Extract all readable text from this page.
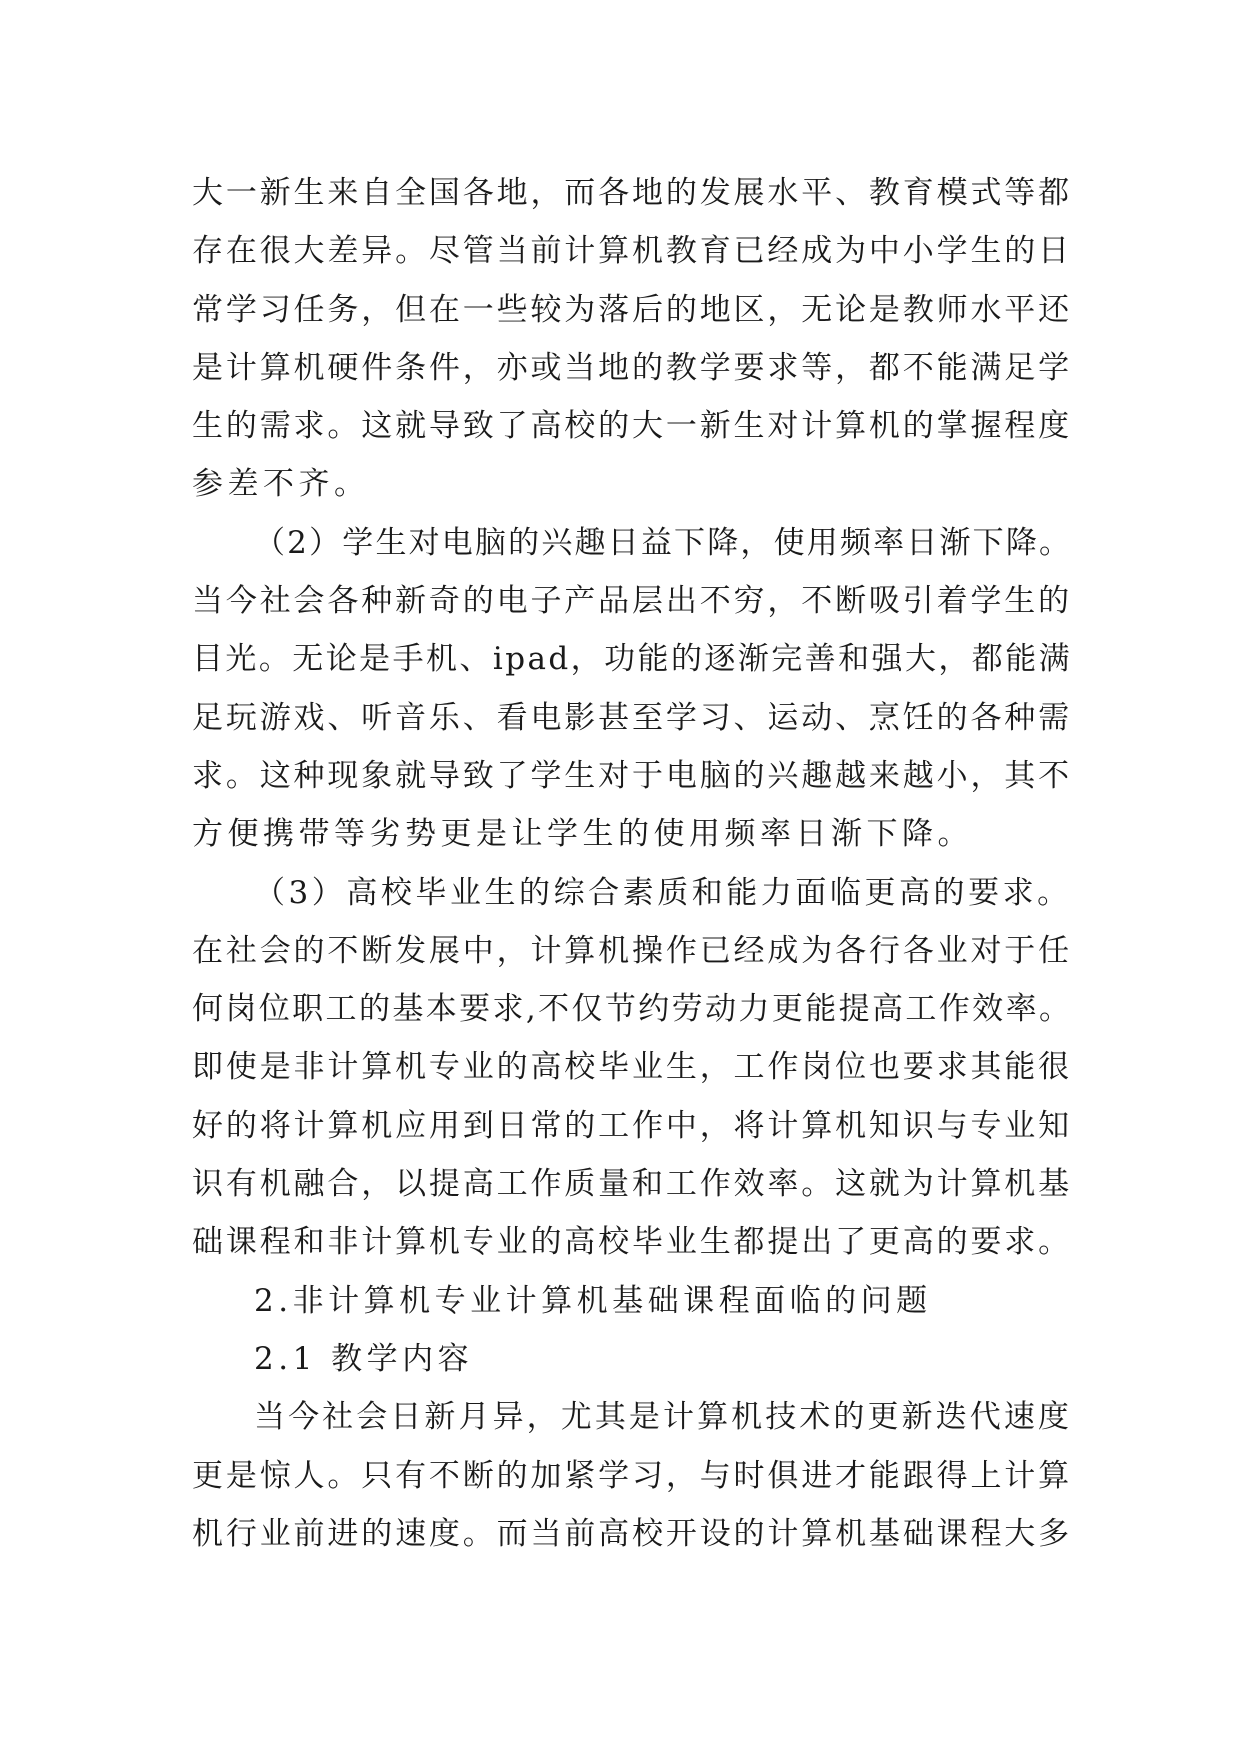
大一新生来自全国各地，而各地的发展水平、教育模式等都
存在很大差异。尽管当前计算机教育已经成为中小学生的日
常学习任务，但在一些较为落后的地区，无论是教师水平还
是计算机硬件条件，亦或当地的教学要求等，都不能满足学
生的需求。这就导致了高校的大一新生对计算机的掌握程度
参差不齐。
（2）学生对电脑的兴趣日益下降，使用频率日渐下降。
当今社会各种新奇的电子产品层出不穷，不断吸引着学生的
目光。无论是手机、ipad，功能的逐渐完善和强大，都能满
足玩游戏、听音乐、看电影甚至学习、运动、烹饪的各种需
求。这种现象就导致了学生对于电脑的兴趣越来越小，其不
方便携带等劣势更是让学生的使用频率日渐下降。
（3）高校毕业生的综合素质和能力面临更高的要求。
在社会的不断发展中，计算机操作已经成为各行各业对于任
何岗位职工的基本要求,不仅节约劳动力更能提高工作效率。
即使是非计算机专业的高校毕业生，工作岗位也要求其能很
好的将计算机应用到日常的工作中，将计算机知识与专业知
识有机融合，以提高工作质量和工作效率。这就为计算机基
础课程和非计算机专业的高校毕业生都提出了更高的要求。
2.非计算机专业计算机基础课程面临的问题
2.1 教学内容
当今社会日新月异，尤其是计算机技术的更新迭代速度
更是惊人。只有不断的加紧学习，与时俱进才能跟得上计算
机行业前进的速度。而当前高校开设的计算机基础课程大多
